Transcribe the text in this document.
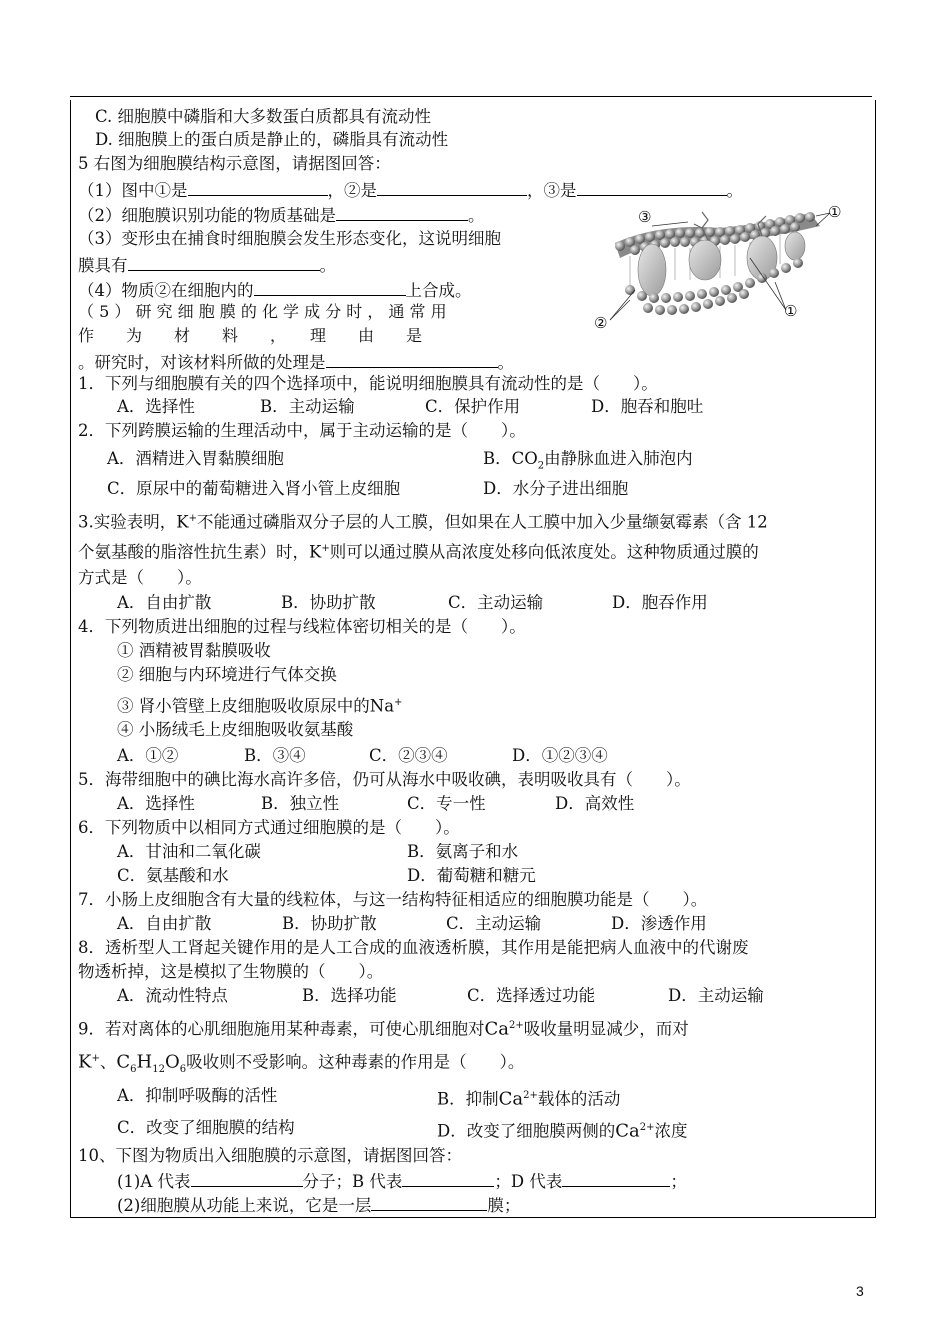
C. 细胞膜中磷脂和大多数蛋白质都具有流动性
D. 细胞膜上的蛋白质是静止的，磷脂具有流动性
5 右图为细胞膜结构示意图，请据图回答：
（1）图中①是	，②是	，③是	。
（2）细胞膜识别功能的物质基础是	。
（3）变形虫在捕食时细胞膜会发生形态变化，这说明细胞
膜具有	。
（4）物质②在细胞内的	上合成。
（ 5 ） 研 究 细 胞 膜 的 化 学 成 分 时 ， 通 常 用
作　　为　　材　　料　　，　　理　　由　　是
。研究时，对该材料所做的处理是	。
③	①
①
②
1．下列与细胞膜有关的四个选择项中，能说明细胞膜具有流动性的是（　　）。
A．选择性	B．主动运输	C．保护作用	D．胞吞和胞吐
2．下列跨膜运输的生理活动中，属于主动运输的是（　　）。
A．酒精进入胃黏膜细胞	B．$CO_2$由静脉血进入肺泡内
C．原尿中的葡萄糖进入肾小管上皮细胞	D．水分子进出细胞
3.实验表明，K+不能通过磷脂双分子层的人工膜，但如果在人工膜中加入少量缬氨霉素（含 12
个氨基酸的脂溶性抗生素）时，K+则可以通过膜从高浓度处移向低浓度处。这种物质通过膜的
方式是（　　）。
A．自由扩散	B．协助扩散	C．主动运输	D．胞吞作用
4．下列物质进出细胞的过程与线粒体密切相关的是（　　）。
① 酒精被胃黏膜吸收
② 细胞与内环境进行气体交换
③ 肾小管壁上皮细胞吸收原尿中的Na+
④ 小肠绒毛上皮细胞吸收氨基酸
A．①②	B．③④	C．②③④	D．①②③④
5．海带细胞中的碘比海水高许多倍，仍可从海水中吸收碘，表明吸收具有（　　）。
A．选择性	B．独立性	C．专一性	D．高效性
6．下列物质中以相同方式通过细胞膜的是（　　）。
A．甘油和二氧化碳	B．氨离子和水
C．氨基酸和水	D．葡萄糖和糖元
7．小肠上皮细胞含有大量的线粒体，与这一结构特征相适应的细胞膜功能是（　　）。
A．自由扩散	B．协助扩散	C．主动运输	D．渗透作用
8．透析型人工肾起关键作用的是人工合成的血液透析膜，其作用是能把病人血液中的代谢废
物透析掉，这是模拟了生物膜的（　　）。
A．流动性特点	B．选择功能	C．选择透过功能	D．主动运输
9．若对离体的心肌细胞施用某种毒素，可使心肌细胞对$Ca^{2+}$吸收量明显减少，而对
K+、$C_6H_{12}O_6$吸收则不受影响。这种毒素的作用是（　　）。
A．抑制呼吸酶的活性	B．抑制$Ca^{2+}$载体的活动
C．改变了细胞膜的结构	D．改变了细胞膜两侧的$Ca^{2+}$浓度
10、下图为物质出入细胞膜的示意图，请据图回答：
(1)A 代表	分子；B 代表	；D 代表	；
(2)细胞膜从功能上来说，它是一层	膜；
3
